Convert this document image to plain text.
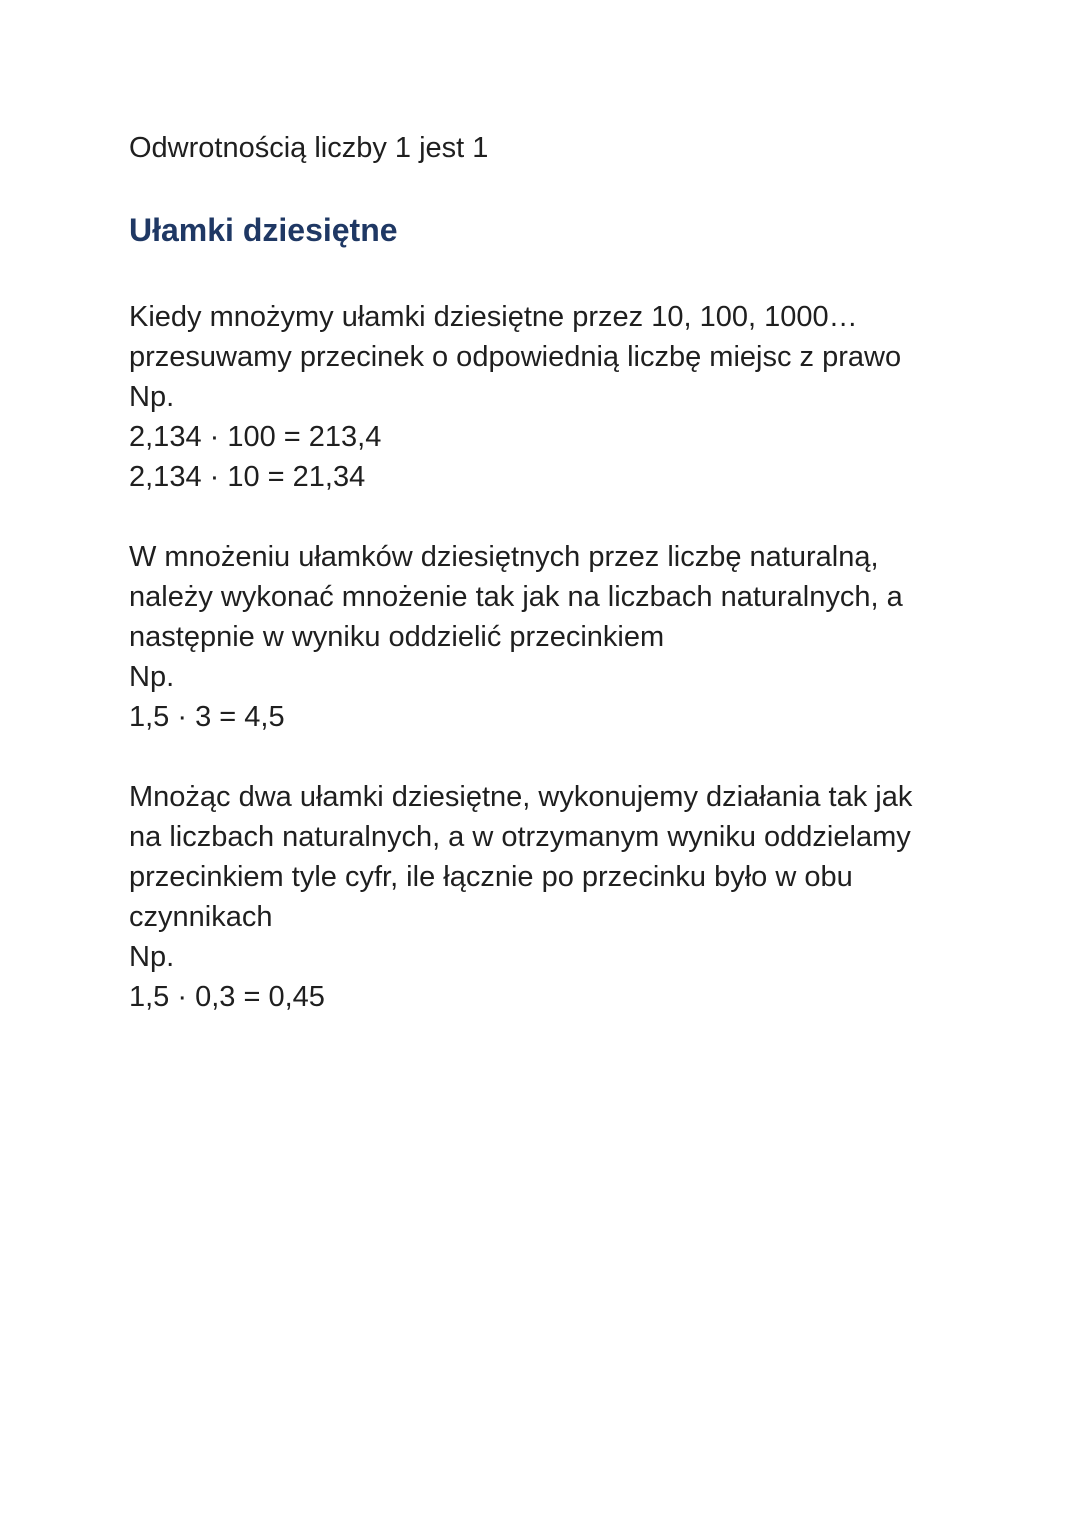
Odwrotnością liczby 1 jest 1

Ułamki dziesiętne

Kiedy mnożymy ułamki dziesiętne przez 10, 100, 1000…

przesuwamy przecinek o odpowiednią liczbę miejsc z prawo

Np.

2,134 · 100 = 213,4

2,134 · 10 = 21,34

W mnożeniu ułamków dziesiętnych przez liczbę naturalną,

należy wykonać mnożenie tak jak na liczbach naturalnych, a

następnie w wyniku oddzielić przecinkiem

Np.

1,5 · 3 = 4,5

Mnożąc dwa ułamki dziesiętne, wykonujemy działania tak jak

na liczbach naturalnych, a w otrzymanym wyniku oddzielamy

przecinkiem tyle cyfr, ile łącznie po przecinku było w obu

czynnikach

Np.

1,5 · 0,3 = 0,45
